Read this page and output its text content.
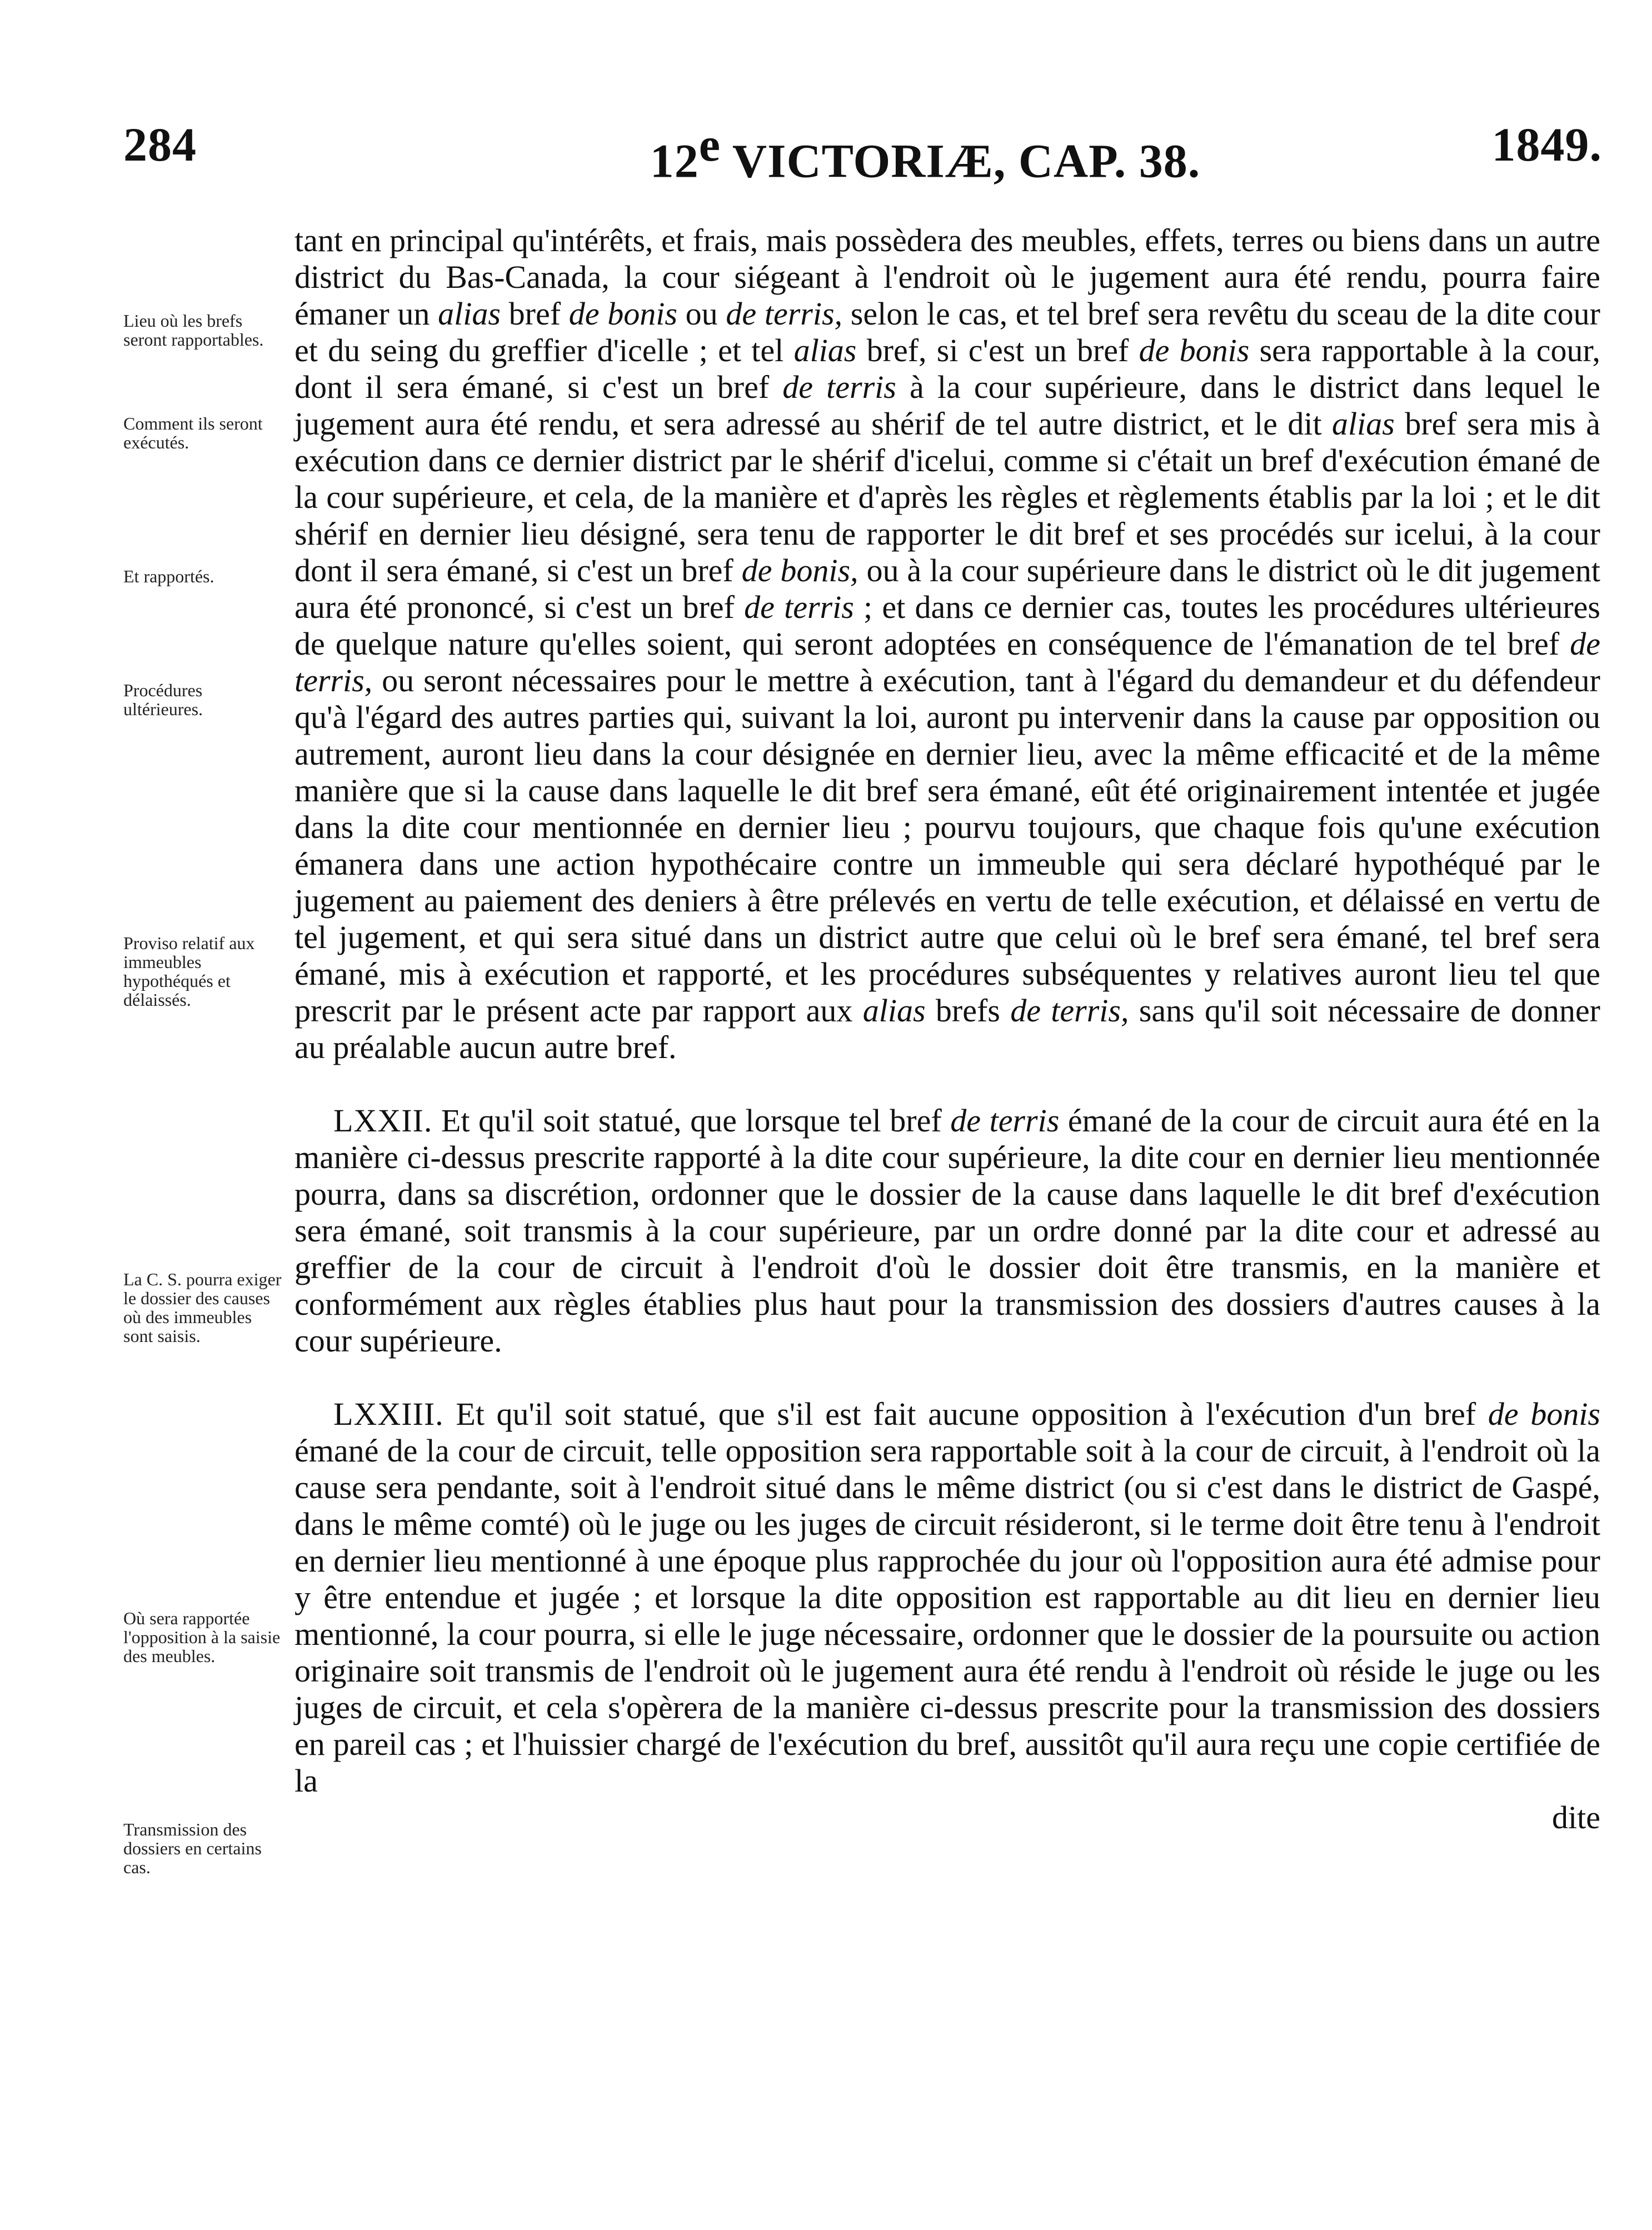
284	12e VICTORIÆ, CAP. 38.	1849.
Lieu où les brefs seront rapportables.
Comment ils seront exécutés.
Et rapportés.
Procédures ultérieures.
Proviso relatif aux immeubles hypothéqués et délaissés.
La C. S. pourra exiger le dossier des causes où des immeubles sont saisis.
Où sera rapportée l'opposition à la saisie des meubles.
Transmission des dossiers en certains cas.

tant en principal qu'intérêts, et frais, mais possèdera des meubles, effets, terres ou biens dans un autre district du Bas-Canada, la cour siégeant à l'endroit où le jugement aura été rendu, pourra faire émaner un alias bref de bonis ou de terris, selon le cas, et tel bref sera revêtu du sceau de la dite cour et du seing du greffier d'icelle ; et tel alias bref, si c'est un bref de bonis sera rapportable à la cour, dont il sera émané, si c'est un bref de terris à la cour supérieure, dans le district dans lequel le jugement aura été rendu, et sera adressé au shérif de tel autre district, et le dit alias bref sera mis à exécution dans ce dernier district par le shérif d'icelui, comme si c'était un bref d'exécution émané de la cour supérieure, et cela, de la manière et d'après les règles et règlements établis par la loi ; et le dit shérif en dernier lieu désigné, sera tenu de rapporter le dit bref et ses procédés sur icelui, à la cour dont il sera émané, si c'est un bref de bonis, ou à la cour supérieure dans le district où le dit jugement aura été prononcé, si c'est un bref de terris ; et dans ce dernier cas, toutes les procédures ultérieures de quelque nature qu'elles soient, qui seront adoptées en conséquence de l'émanation de tel bref de terris, ou seront nécessaires pour le mettre à exécution, tant à l'égard du demandeur et du défendeur qu'à l'égard des autres parties qui, suivant la loi, auront pu intervenir dans la cause par opposition ou autrement, auront lieu dans la cour désignée en dernier lieu, avec la même efficacité et de la même manière que si la cause dans laquelle le dit bref sera émané, eût été originairement intentée et jugée dans la dite cour mentionnée en dernier lieu ; pourvu toujours, que chaque fois qu'une exécution émanera dans une action hypothécaire contre un immeuble qui sera déclaré hypothéqué par le jugement au paiement des deniers à être prélevés en vertu de telle exécution, et délaissé en vertu de tel jugement, et qui sera situé dans un district autre que celui où le bref sera émané, tel bref sera émané, mis à exécution et rapporté, et les procédures subséquentes y relatives auront lieu tel que prescrit par le présent acte par rapport aux alias brefs de terris, sans qu'il soit nécessaire de donner au préalable aucun autre bref.

LXXII. Et qu'il soit statué, que lorsque tel bref de terris émané de la cour de circuit aura été en la manière ci-dessus prescrite rapporté à la dite cour supérieure, la dite cour en dernier lieu mentionnée pourra, dans sa discrétion, ordonner que le dossier de la cause dans laquelle le dit bref d'exécution sera émané, soit transmis à la cour supérieure, par un ordre donné par la dite cour et adressé au greffier de la cour de circuit à l'endroit d'où le dossier doit être transmis, en la manière et conformément aux règles établies plus haut pour la transmission des dossiers d'autres causes à la cour supérieure.

LXXIII. Et qu'il soit statué, que s'il est fait aucune opposition à l'exécution d'un bref de bonis émané de la cour de circuit, telle opposition sera rapportable soit à la cour de circuit, à l'endroit où la cause sera pendante, soit à l'endroit situé dans le même district (ou si c'est dans le district de Gaspé, dans le même comté) où le juge ou les juges de circuit résideront, si le terme doit être tenu à l'endroit en dernier lieu mentionné à une époque plus rapprochée du jour où l'opposition aura été admise pour y être entendue et jugée ; et lorsque la dite opposition est rapportable au dit lieu en dernier lieu mentionné, la cour pourra, si elle le juge nécessaire, ordonner que le dossier de la poursuite ou action originaire soit transmis de l'endroit où le jugement aura été rendu à l'endroit où réside le juge ou les juges de circuit, et cela s'opèrera de la manière ci-dessus prescrite pour la transmission des dossiers en pareil cas ; et l'huissier chargé de l'exécution du bref, aussitôt qu'il aura reçu une copie certifiée de la

dite
